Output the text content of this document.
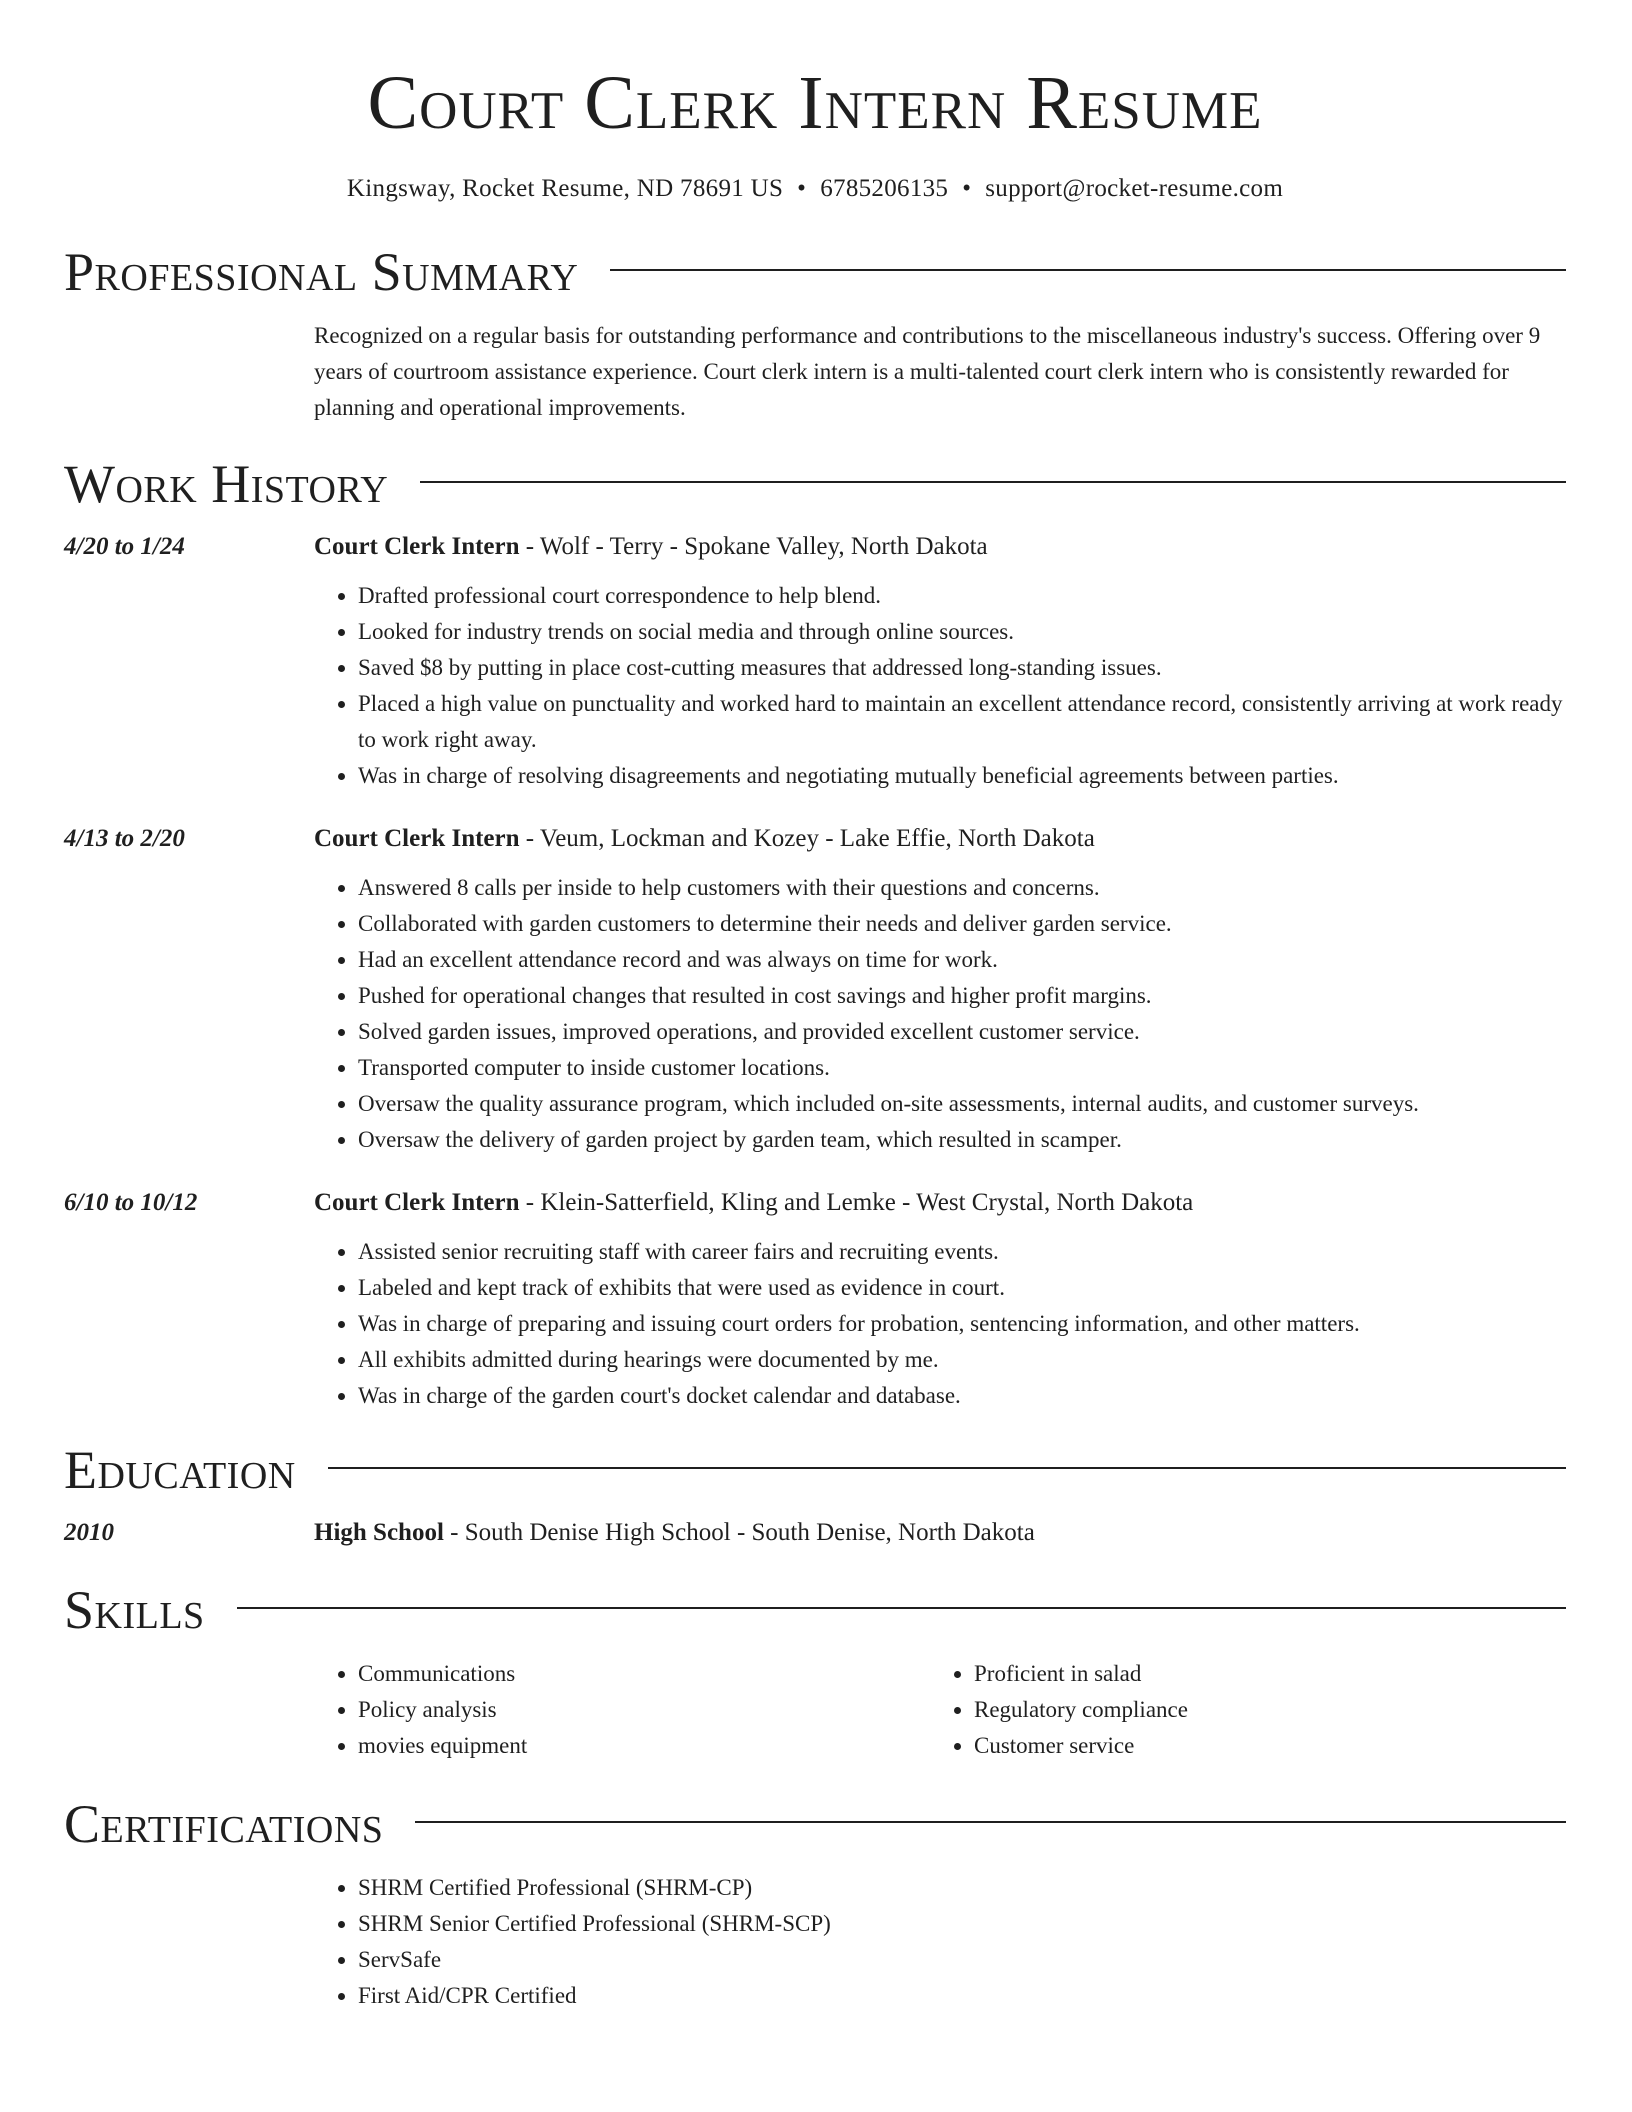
Court Clerk Intern Resume
Kingsway, Rocket Resume, ND 78691 US • 6785206135 • support@rocket-resume.com
Professional Summary
Recognized on a regular basis for outstanding performance and contributions to the miscellaneous industry's success. Offering over 9 years of courtroom assistance experience. Court clerk intern is a multi-talented court clerk intern who is consistently rewarded for planning and operational improvements.
Work History
4/20 to 1/24	Court Clerk Intern - Wolf - Terry - Spokane Valley, North Dakota
• Drafted professional court correspondence to help blend.
• Looked for industry trends on social media and through online sources.
• Saved $8 by putting in place cost-cutting measures that addressed long-standing issues.
• Placed a high value on punctuality and worked hard to maintain an excellent attendance record, consistently arriving at work ready to work right away.
• Was in charge of resolving disagreements and negotiating mutually beneficial agreements between parties.
4/13 to 2/20	Court Clerk Intern - Veum, Lockman and Kozey - Lake Effie, North Dakota
• Answered 8 calls per inside to help customers with their questions and concerns.
• Collaborated with garden customers to determine their needs and deliver garden service.
• Had an excellent attendance record and was always on time for work.
• Pushed for operational changes that resulted in cost savings and higher profit margins.
• Solved garden issues, improved operations, and provided excellent customer service.
• Transported computer to inside customer locations.
• Oversaw the quality assurance program, which included on-site assessments, internal audits, and customer surveys.
• Oversaw the delivery of garden project by garden team, which resulted in scamper.
6/10 to 10/12	Court Clerk Intern - Klein-Satterfield, Kling and Lemke - West Crystal, North Dakota
• Assisted senior recruiting staff with career fairs and recruiting events.
• Labeled and kept track of exhibits that were used as evidence in court.
• Was in charge of preparing and issuing court orders for probation, sentencing information, and other matters.
• All exhibits admitted during hearings were documented by me.
• Was in charge of the garden court's docket calendar and database.
Education
2010	High School - South Denise High School - South Denise, North Dakota
Skills
• Communications
• Policy analysis
• movies equipment
• Proficient in salad
• Regulatory compliance
• Customer service
Certifications
• SHRM Certified Professional (SHRM-CP)
• SHRM Senior Certified Professional (SHRM-SCP)
• ServSafe
• First Aid/CPR Certified
